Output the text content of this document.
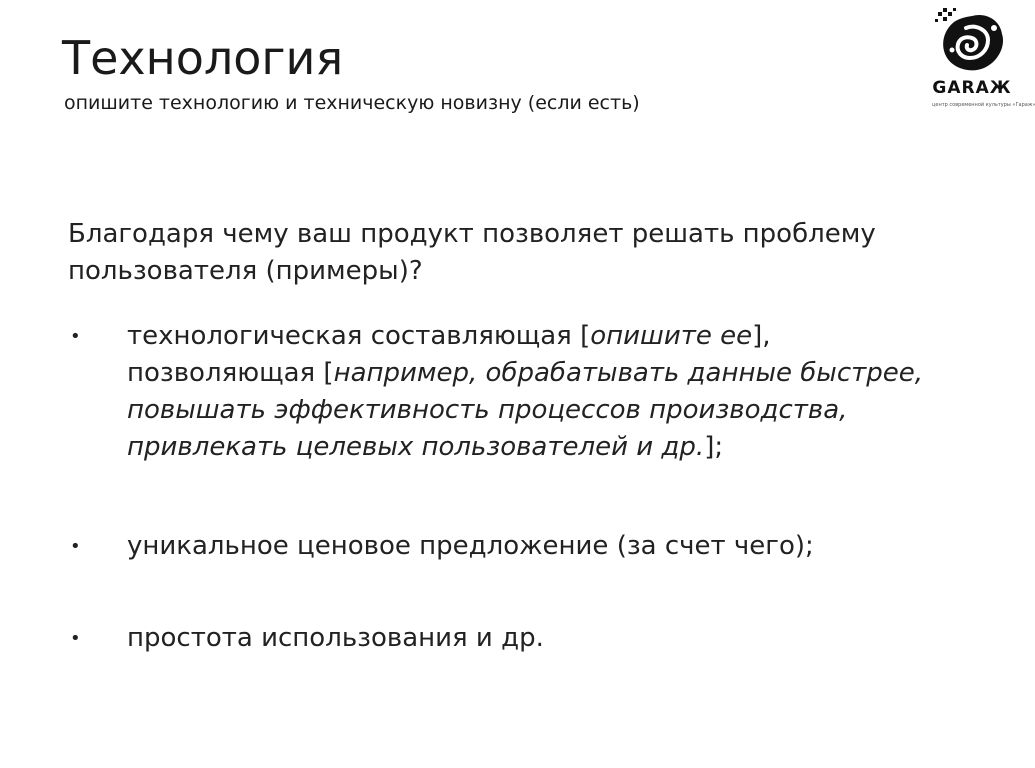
Технология
опишите технологию и техническую новизну (если есть)
GARAЖ
центр современной культуры «Гараж»
Благодаря чему ваш продукт позволяет решать проблему пользователя (примеры)?
• технологическая составляющая [опишите ее], позволяющая [например, обрабатывать данные быстрее, повышать эффективность процессов производства, привлекать целевых пользователей и др.];
• уникальное ценовое предложение (за счет чего);
• простота использования и др.
